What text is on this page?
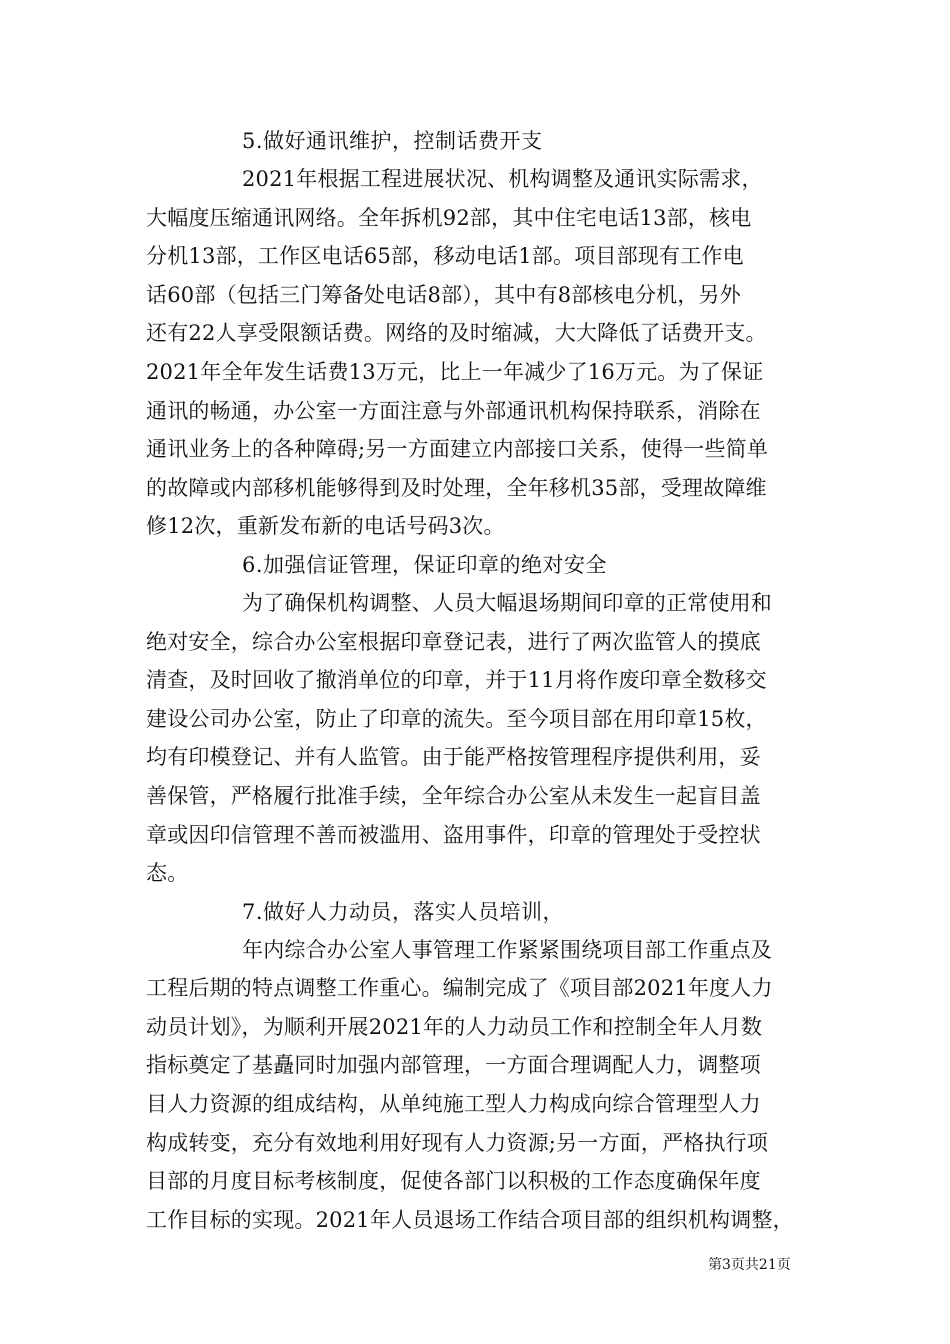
5.做好通讯维护，控制话费开支

2021年根据工程进展状况、机构调整及通讯实际需求，
大幅度压缩通讯网络。全年拆机92部，其中住宅电话13部，核电
分机13部，工作区电话65部，移动电话1部。项目部现有工作电
话60部（包括三门筹备处电话8部），其中有8部核电分机，另外
还有22人享受限额话费。网络的及时缩减，大大降低了话费开支。
2021年全年发生话费13万元，比上一年减少了16万元。为了保证
通讯的畅通，办公室一方面注意与外部通讯机构保持联系，消除在
通讯业务上的各种障碍;另一方面建立内部接口关系，使得一些简单
的故障或内部移机能够得到及时处理，全年移机35部，受理故障维
修12次，重新发布新的电话号码3次。

6.加强信证管理，保证印章的绝对安全

为了确保机构调整、人员大幅退场期间印章的正常使用和
绝对安全，综合办公室根据印章登记表，进行了两次监管人的摸底
清查，及时回收了撤消单位的印章，并于11月将作废印章全数移交
建设公司办公室，防止了印章的流失。至今项目部在用印章15枚，
均有印模登记、并有人监管。由于能严格按管理程序提供利用，妥
善保管，严格履行批准手续，全年综合办公室从未发生一起盲目盖
章或因印信管理不善而被滥用、盗用事件，印章的管理处于受控状
态。

7.做好人力动员，落实人员培训，

年内综合办公室人事管理工作紧紧围绕项目部工作重点及
工程后期的特点调整工作重心。编制完成了《项目部2021年度人力
动员计划》，为顺利开展2021年的人力动员工作和控制全年人月数
指标奠定了基矗同时加强内部管理，一方面合理调配人力，调整项
目人力资源的组成结构，从单纯施工型人力构成向综合管理型人力
构成转变，充分有效地利用好现有人力资源;另一方面，严格执行项
目部的月度目标考核制度，促使各部门以积极的工作态度确保年度
工作目标的实现。2021年人员退场工作结合项目部的组织机构调整，
第3页共21页
